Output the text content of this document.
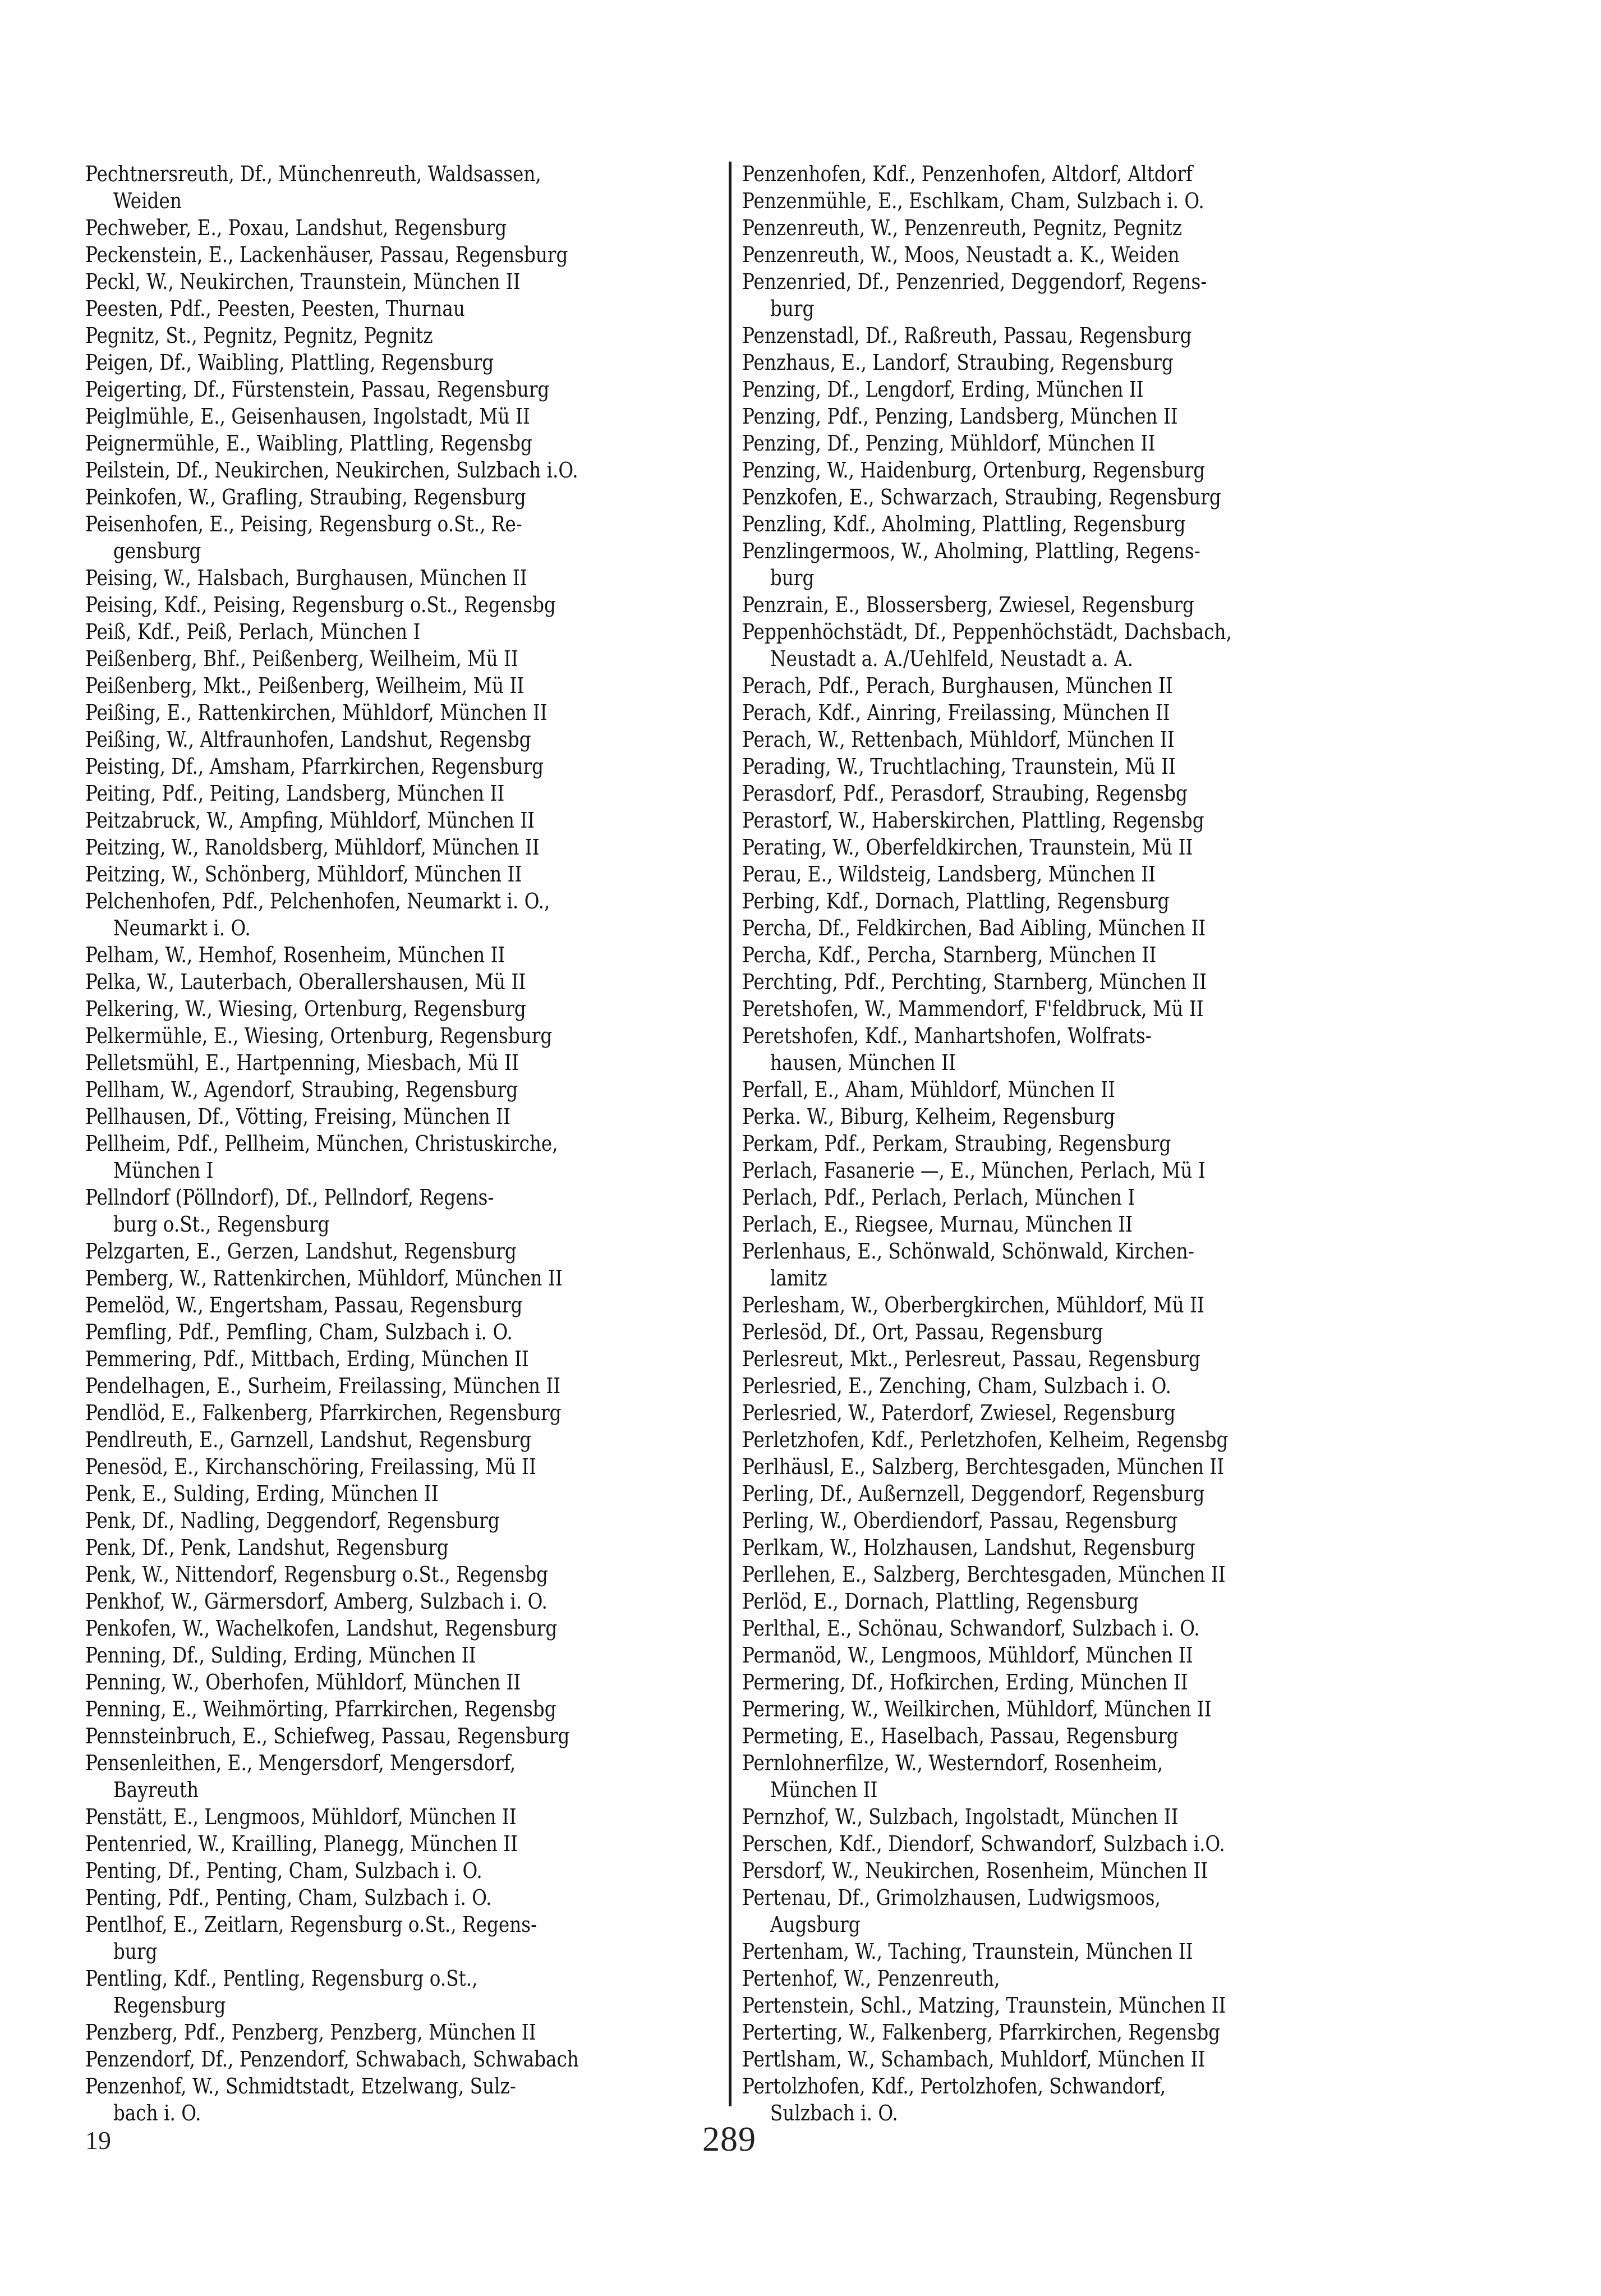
Pechtnersreuth, Df., Münchenreuth, Waldsassen,
Weiden
Pechweber, E., Poxau, Landshut, Regensburg
Peckenstein, E., Lackenhäuser, Passau, Regensburg
Peckl, W., Neukirchen, Traunstein, München II
Peesten, Pdf., Peesten, Peesten, Thurnau
Pegnitz, St., Pegnitz, Pegnitz, Pegnitz
Peigen, Df., Waibling, Plattling, Regensburg
Peigerting, Df., Fürstenstein, Passau, Regensburg
Peiglmühle, E., Geisenhausen, Ingolstadt, Mü II
Peignermühle, E., Waibling, Plattling, Regensbg
Peilstein, Df., Neukirchen, Neukirchen, Sulzbach i.O.
Peinkofen, W., Grafling, Straubing, Regensburg
Peisenhofen, E., Peising, Regensburg o.St., Re-
gensburg
Peising, W., Halsbach, Burghausen, München II
Peising, Kdf., Peising, Regensburg o.St., Regensbg
Peiß, Kdf., Peiß, Perlach, München I
Peißenberg, Bhf., Peißenberg, Weilheim, Mü II
Peißenberg, Mkt., Peißenberg, Weilheim, Mü II
Peißing, E., Rattenkirchen, Mühldorf, München II
Peißing, W., Altfraunhofen, Landshut, Regensbg
Peisting, Df., Amsham, Pfarrkirchen, Regensburg
Peiting, Pdf., Peiting, Landsberg, München II
Peitzabruck, W., Ampfing, Mühldorf, München II
Peitzing, W., Ranoldsberg, Mühldorf, München II
Peitzing, W., Schönberg, Mühldorf, München II
Pelchenhofen, Pdf., Pelchenhofen, Neumarkt i. O.,
Neumarkt i. O.
Pelham, W., Hemhof, Rosenheim, München II
Pelka, W., Lauterbach, Oberallershausen, Mü II
Pelkering, W., Wiesing, Ortenburg, Regensburg
Pelkermühle, E., Wiesing, Ortenburg, Regensburg
Pelletsmühl, E., Hartpenning, Miesbach, Mü II
Pellham, W., Agendorf, Straubing, Regensburg
Pellhausen, Df., Vötting, Freising, München II
Pellheim, Pdf., Pellheim, München, Christuskirche,
München I
Pellndorf (Pöllndorf), Df., Pellndorf, Regens-
burg o.St., Regensburg
Pelzgarten, E., Gerzen, Landshut, Regensburg
Pemberg, W., Rattenkirchen, Mühldorf, München II
Pemelöd, W., Engertsham, Passau, Regensburg
Pemfling, Pdf., Pemfling, Cham, Sulzbach i. O.
Pemmering, Pdf., Mittbach, Erding, München II
Pendelhagen, E., Surheim, Freilassing, München II
Pendlöd, E., Falkenberg, Pfarrkirchen, Regensburg
Pendlreuth, E., Garnzell, Landshut, Regensburg
Penesöd, E., Kirchanschöring, Freilassing, Mü II
Penk, E., Sulding, Erding, München II
Penk, Df., Nadling, Deggendorf, Regensburg
Penk, Df., Penk, Landshut, Regensburg
Penk, W., Nittendorf, Regensburg o.St., Regensbg
Penkhof, W., Gärmersdorf, Amberg, Sulzbach i. O.
Penkofen, W., Wachelkofen, Landshut, Regensburg
Penning, Df., Sulding, Erding, München II
Penning, W., Oberhofen, Mühldorf, München II
Penning, E., Weihmörting, Pfarrkirchen, Regensbg
Pennsteinbruch, E., Schiefweg, Passau, Regensburg
Pensenleithen, E., Mengersdorf, Mengersdorf,
Bayreuth
Penstätt, E., Lengmoos, Mühldorf, München II
Pentenried, W., Krailling, Planegg, München II
Penting, Df., Penting, Cham, Sulzbach i. O.
Penting, Pdf., Penting, Cham, Sulzbach i. O.
Pentlhof, E., Zeitlarn, Regensburg o.St., Regens-
burg
Pentling, Kdf., Pentling, Regensburg o.St.,
Regensburg
Penzberg, Pdf., Penzberg, Penzberg, München II
Penzendorf, Df., Penzendorf, Schwabach, Schwabach
Penzenhof, W., Schmidtstadt, Etzelwang, Sulz-
bach i. O.
Penzenhofen, Kdf., Penzenhofen, Altdorf, Altdorf
Penzenmühle, E., Eschlkam, Cham, Sulzbach i. O.
Penzenreuth, W., Penzenreuth, Pegnitz, Pegnitz
Penzenreuth, W., Moos, Neustadt a. K., Weiden
Penzenried, Df., Penzenried, Deggendorf, Regens-
burg
Penzenstadl, Df., Raßreuth, Passau, Regensburg
Penzhaus, E., Landorf, Straubing, Regensburg
Penzing, Df., Lengdorf, Erding, München II
Penzing, Pdf., Penzing, Landsberg, München II
Penzing, Df., Penzing, Mühldorf, München II
Penzing, W., Haidenburg, Ortenburg, Regensburg
Penzkofen, E., Schwarzach, Straubing, Regensburg
Penzling, Kdf., Aholming, Plattling, Regensburg
Penzlingermoos, W., Aholming, Plattling, Regens-
burg
Penzrain, E., Blossersberg, Zwiesel, Regensburg
Peppenhöchstädt, Df., Peppenhöchstädt, Dachsbach,
Neustadt a. A./Uehlfeld, Neustadt a. A.
Perach, Pdf., Perach, Burghausen, München II
Perach, Kdf., Ainring, Freilassing, München II
Perach, W., Rettenbach, Mühldorf, München II
Perading, W., Truchtlaching, Traunstein, Mü II
Perasdorf, Pdf., Perasdorf, Straubing, Regensbg
Perastorf, W., Haberskirchen, Plattling, Regensbg
Perating, W., Oberfeldkirchen, Traunstein, Mü II
Perau, E., Wildsteig, Landsberg, München II
Perbing, Kdf., Dornach, Plattling, Regensburg
Percha, Df., Feldkirchen, Bad Aibling, München II
Percha, Kdf., Percha, Starnberg, München II
Perchting, Pdf., Perchting, Starnberg, München II
Peretshofen, W., Mammendorf, F'feldbruck, Mü II
Peretshofen, Kdf., Manhartshofen, Wolfrats-
hausen, München II
Perfall, E., Aham, Mühldorf, München II
Perka. W., Biburg, Kelheim, Regensburg
Perkam, Pdf., Perkam, Straubing, Regensburg
Perlach, Fasanerie —, E., München, Perlach, Mü I
Perlach, Pdf., Perlach, Perlach, München I
Perlach, E., Riegsee, Murnau, München II
Perlenhaus, E., Schönwald, Schönwald, Kirchen-
lamitz
Perlesham, W., Oberbergkirchen, Mühldorf, Mü II
Perlesöd, Df., Ort, Passau, Regensburg
Perlesreut, Mkt., Perlesreut, Passau, Regensburg
Perlesried, E., Zenching, Cham, Sulzbach i. O.
Perlesried, W., Paterdorf, Zwiesel, Regensburg
Perletzhofen, Kdf., Perletzhofen, Kelheim, Regensbg
Perlhäusl, E., Salzberg, Berchtesgaden, München II
Perling, Df., Außernzell, Deggendorf, Regensburg
Perling, W., Oberdiendorf, Passau, Regensburg
Perlkam, W., Holzhausen, Landshut, Regensburg
Perllehen, E., Salzberg, Berchtesgaden, München II
Perlöd, E., Dornach, Plattling, Regensburg
Perlthal, E., Schönau, Schwandorf, Sulzbach i. O.
Permanöd, W., Lengmoos, Mühldorf, München II
Permering, Df., Hofkirchen, Erding, München II
Permering, W., Weilkirchen, Mühldorf, München II
Permeting, E., Haselbach, Passau, Regensburg
Pernlohnerfilze, W., Westerndorf, Rosenheim,
München II
Pernzhof, W., Sulzbach, Ingolstadt, München II
Perschen, Kdf., Diendorf, Schwandorf, Sulzbach i.O.
Persdorf, W., Neukirchen, Rosenheim, München II
Pertenau, Df., Grimolzhausen, Ludwigsmoos,
Augsburg
Pertenham, W., Taching, Traunstein, München II
Pertenhof, W., Penzenreuth,
Pertenstein, Schl., Matzing, Traunstein, München II
Perterting, W., Falkenberg, Pfarrkirchen, Regensbg
Pertlsham, W., Schambach, Muhldorf, München II
Pertolzhofen, Kdf., Pertolzhofen, Schwandorf,
Sulzbach i. O.
19	289
